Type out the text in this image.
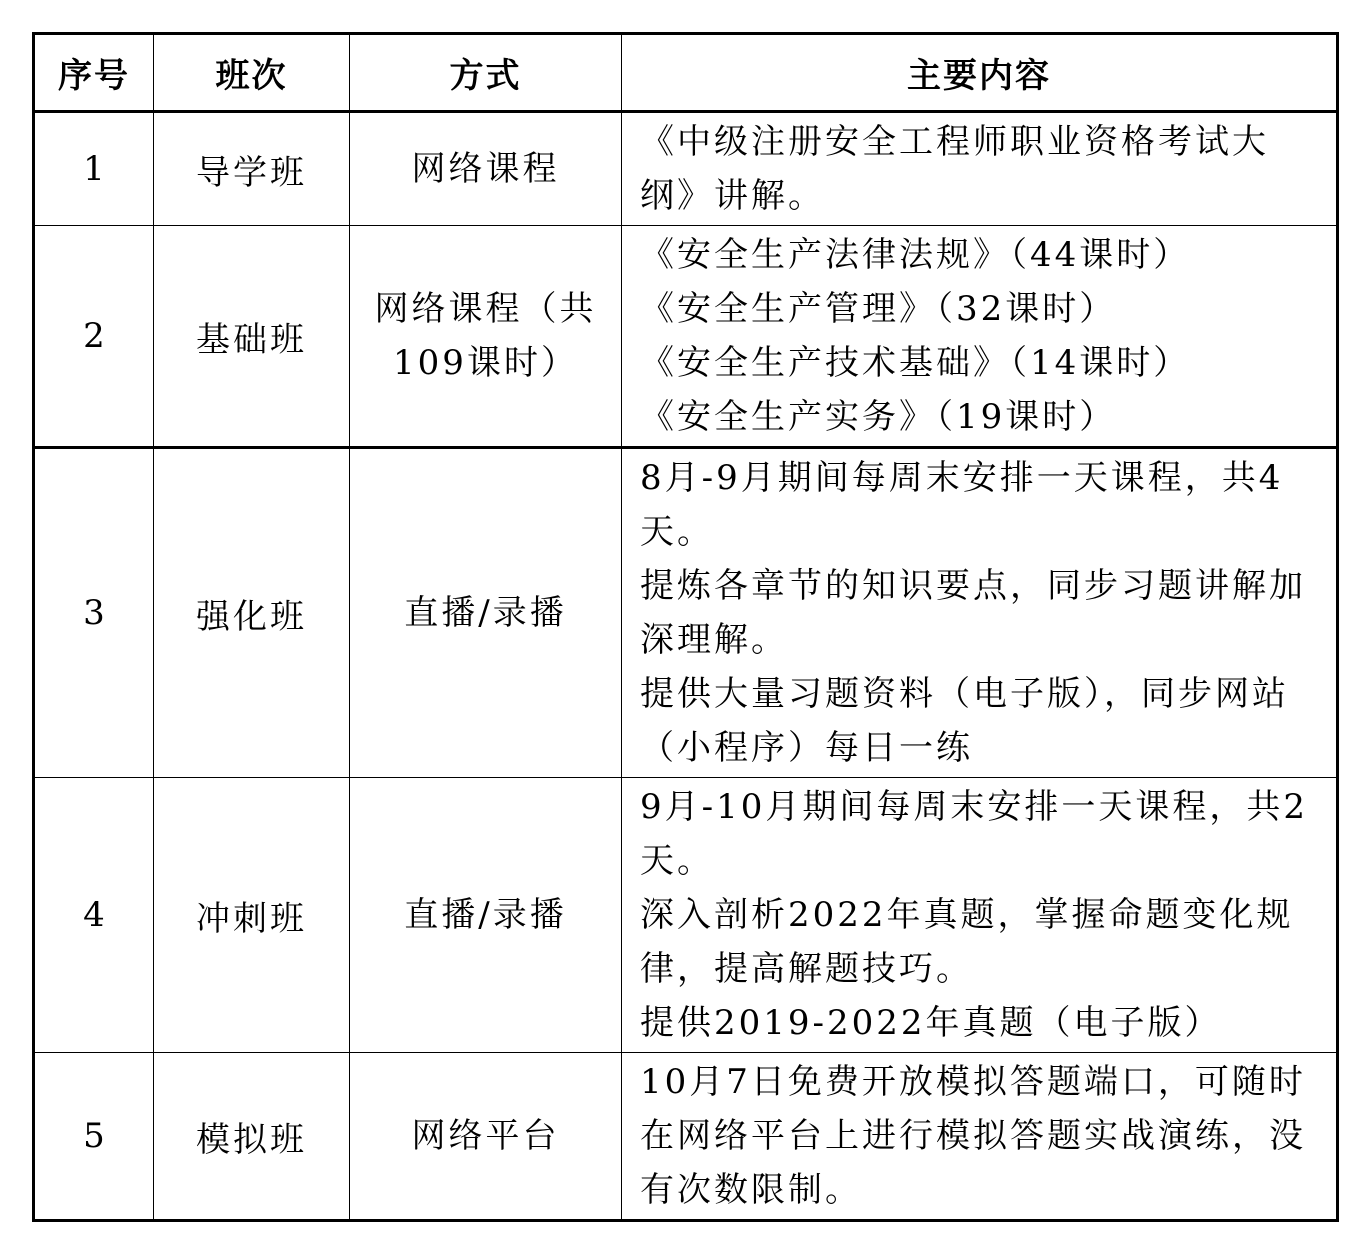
序号	班次	方式	主要内容
1	导学班	网络课程	《中级注册安全工程师职业资格考试大纲》讲解。

2	基础班	网络课程（共109课时）	《安全生产法律法规》（44课时）
《安全生产管理》（32课时）
《安全生产技术基础》（14课时）
《安全生产实务》（19课时）

3	强化班	直播/录播	8月-9月期间每周末安排一天课程，共4天。
提炼各章节的知识要点，同步习题讲解加深理解。
提供大量习题资料（电子版），同步网站（小程序）每日一练

4	冲刺班	直播/录播	9月-10月期间每周末安排一天课程，共2天。
深入剖析2022年真题，掌握命题变化规律，提高解题技巧。
提供2019-2022年真题（电子版）

5	模拟班	网络平台	10月7日免费开放模拟答题端口，可随时在网络平台上进行模拟答题实战演练，没有次数限制。
